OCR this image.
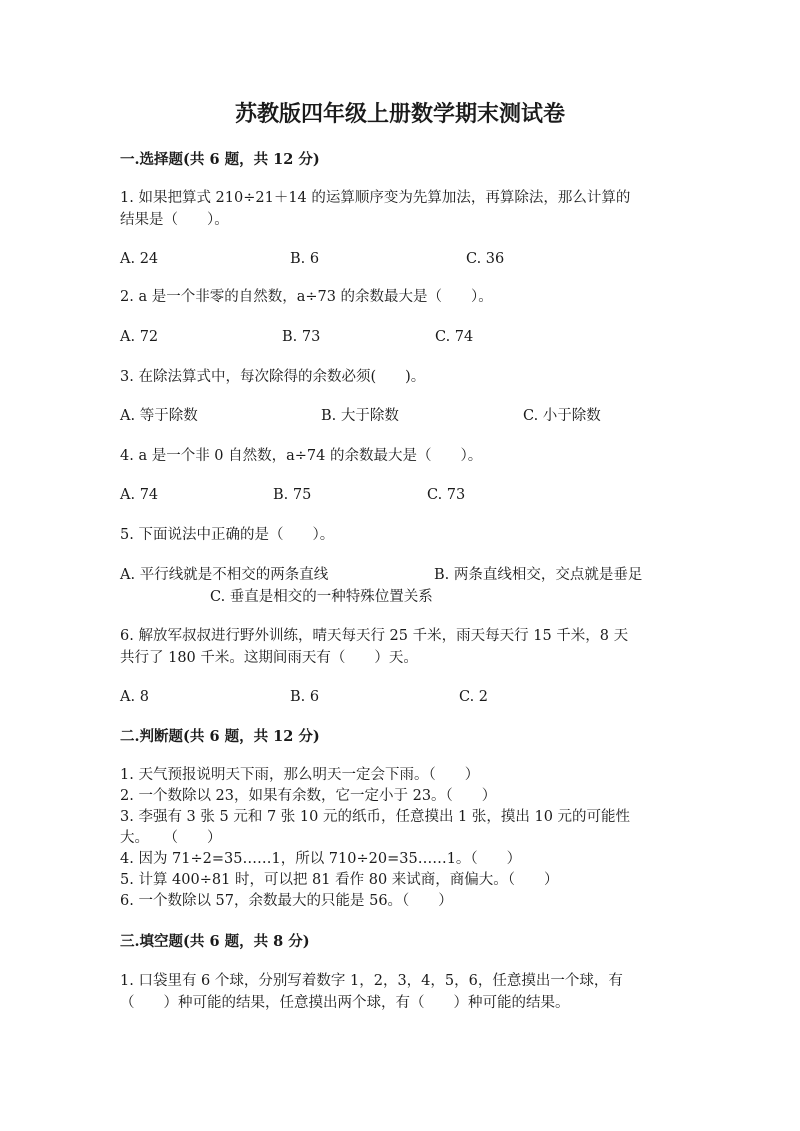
苏教版四年级上册数学期末测试卷
一.选择题(共 6 题，共 12 分)
1. 如果把算式 210÷21＋14 的运算顺序变为先算加法，再算除法，那么计算的
结果是（　　）。
A. 24	B. 6	C. 36
2. a 是一个非零的自然数，a÷73 的余数最大是（　　）。
A. 72	B. 73	C. 74
3. 在除法算式中，每次除得的余数必须(　　)。
A. 等于除数	B. 大于除数	C. 小于除数
4. a 是一个非 0 自然数，a÷74 的余数最大是（　　）。
A. 74	B. 75	C. 73
5. 下面说法中正确的是（　　）。
A. 平行线就是不相交的两条直线	B. 两条直线相交，交点就是垂足
C. 垂直是相交的一种特殊位置关系
6. 解放军叔叔进行野外训练，晴天每天行 25 千米，雨天每天行 15 千米，8 天
共行了 180 千米。这期间雨天有（　　）天。
A. 8	B. 6	C. 2
二.判断题(共 6 题，共 12 分)
1. 天气预报说明天下雨，那么明天一定会下雨。（　　）
2. 一个数除以 23，如果有余数，它一定小于 23。（　　）
3. 李强有 3 张 5 元和 7 张 10 元的纸币，任意摸出 1 张，摸出 10 元的可能性
大。　　（　　）
4. 因为 71÷2=35……1，所以 710÷20=35……1。（　　）
5. 计算 400÷81 时，可以把 81 看作 80 来试商，商偏大。（　　）
6. 一个数除以 57，余数最大的只能是 56。（　　）
三.填空题(共 6 题，共 8 分)
1. 口袋里有 6 个球，分别写着数字 1，2，3，4，5，6，任意摸出一个球，有
（　　）种可能的结果，任意摸出两个球，有（　　）种可能的结果。
